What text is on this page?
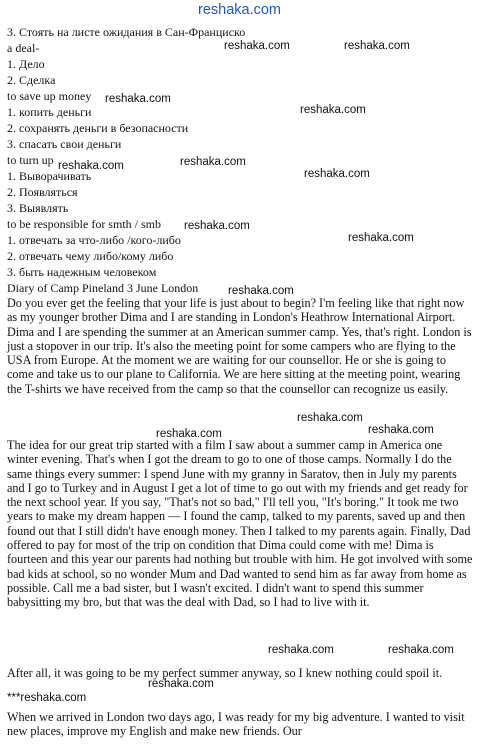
reshaka.com
3. Стоять на листе ожидания в Сан-Франциско
a deal-
1. Дело
2. Сделка
to save up money
1. копить деньги
2. сохранять деньги в безопасности
3. спасать свои деньги
to turn up
1. Выворачивать
2. Появляться
3. Выявлять
to be responsible for smth / smb
1. отвечать за что-либо /кого-либо
2. отвечать чему либо/кому либо
3. быть надежным человеком
Diary of Camp Pineland 3 June London
Do you ever get the feeling that your life is just about to begin? I'm feeling like that right now as my younger brother Dima and I are standing in London's Heathrow International Airport. Dima and I are spending the summer at an American summer camp. Yes, that's right. London is just a stopover in our trip. It's also the meeting point for some campers who are flying to the USA from Europe. At the moment we are waiting for our counsellor. He or she is going to come and take us to our plane to California. We are here sitting at the meeting point, wearing the T-shirts we have received from the camp so that the counsellor can recognize us easily.
The idea for our great trip started with a film I saw about a summer camp in America one winter evening. That's when I got the dream to go to one of those camps. Normally I do the same things every summer: I spend June with my granny in Saratov, then in July my parents and I go to Turkey and in August I get a lot of time to go out with my friends and get ready for the next school year. If you say, "That's not so bad," I'll tell you, "It's boring." It took me two years to make my dream happen — I found the camp, talked to my parents, saved up and then found out that I still didn't have enough money. Then I talked to my parents again. Finally, Dad offered to pay for most of the trip on condition that Dima could come with me! Dima is fourteen and this year our parents had nothing but trouble with him. He got involved with some bad kids at school, so no wonder Mum and Dad wanted to send him as far away from home as possible. Call me a bad sister, but I wasn't excited. I didn't want to spend this summer babysitting my bro, but that was the deal with Dad, so I had to live with it.
After all, it was going to be my perfect summer anyway, so I knew nothing could spoil it.
When we arrived in London two days ago, I was ready for my big adventure. I wanted to visit new places, improve my English and make new friends. Our
reshaka.com	reshaka.com
reshaka.com
reshaka.com
reshaka.com	reshaka.com
reshaka.com
reshaka.com
reshaka.com
reshaka.com
reshaka.com
reshaka.com
reshaka.com
reshaka.com	reshaka.com
reshaka.com
***reshaka.com
